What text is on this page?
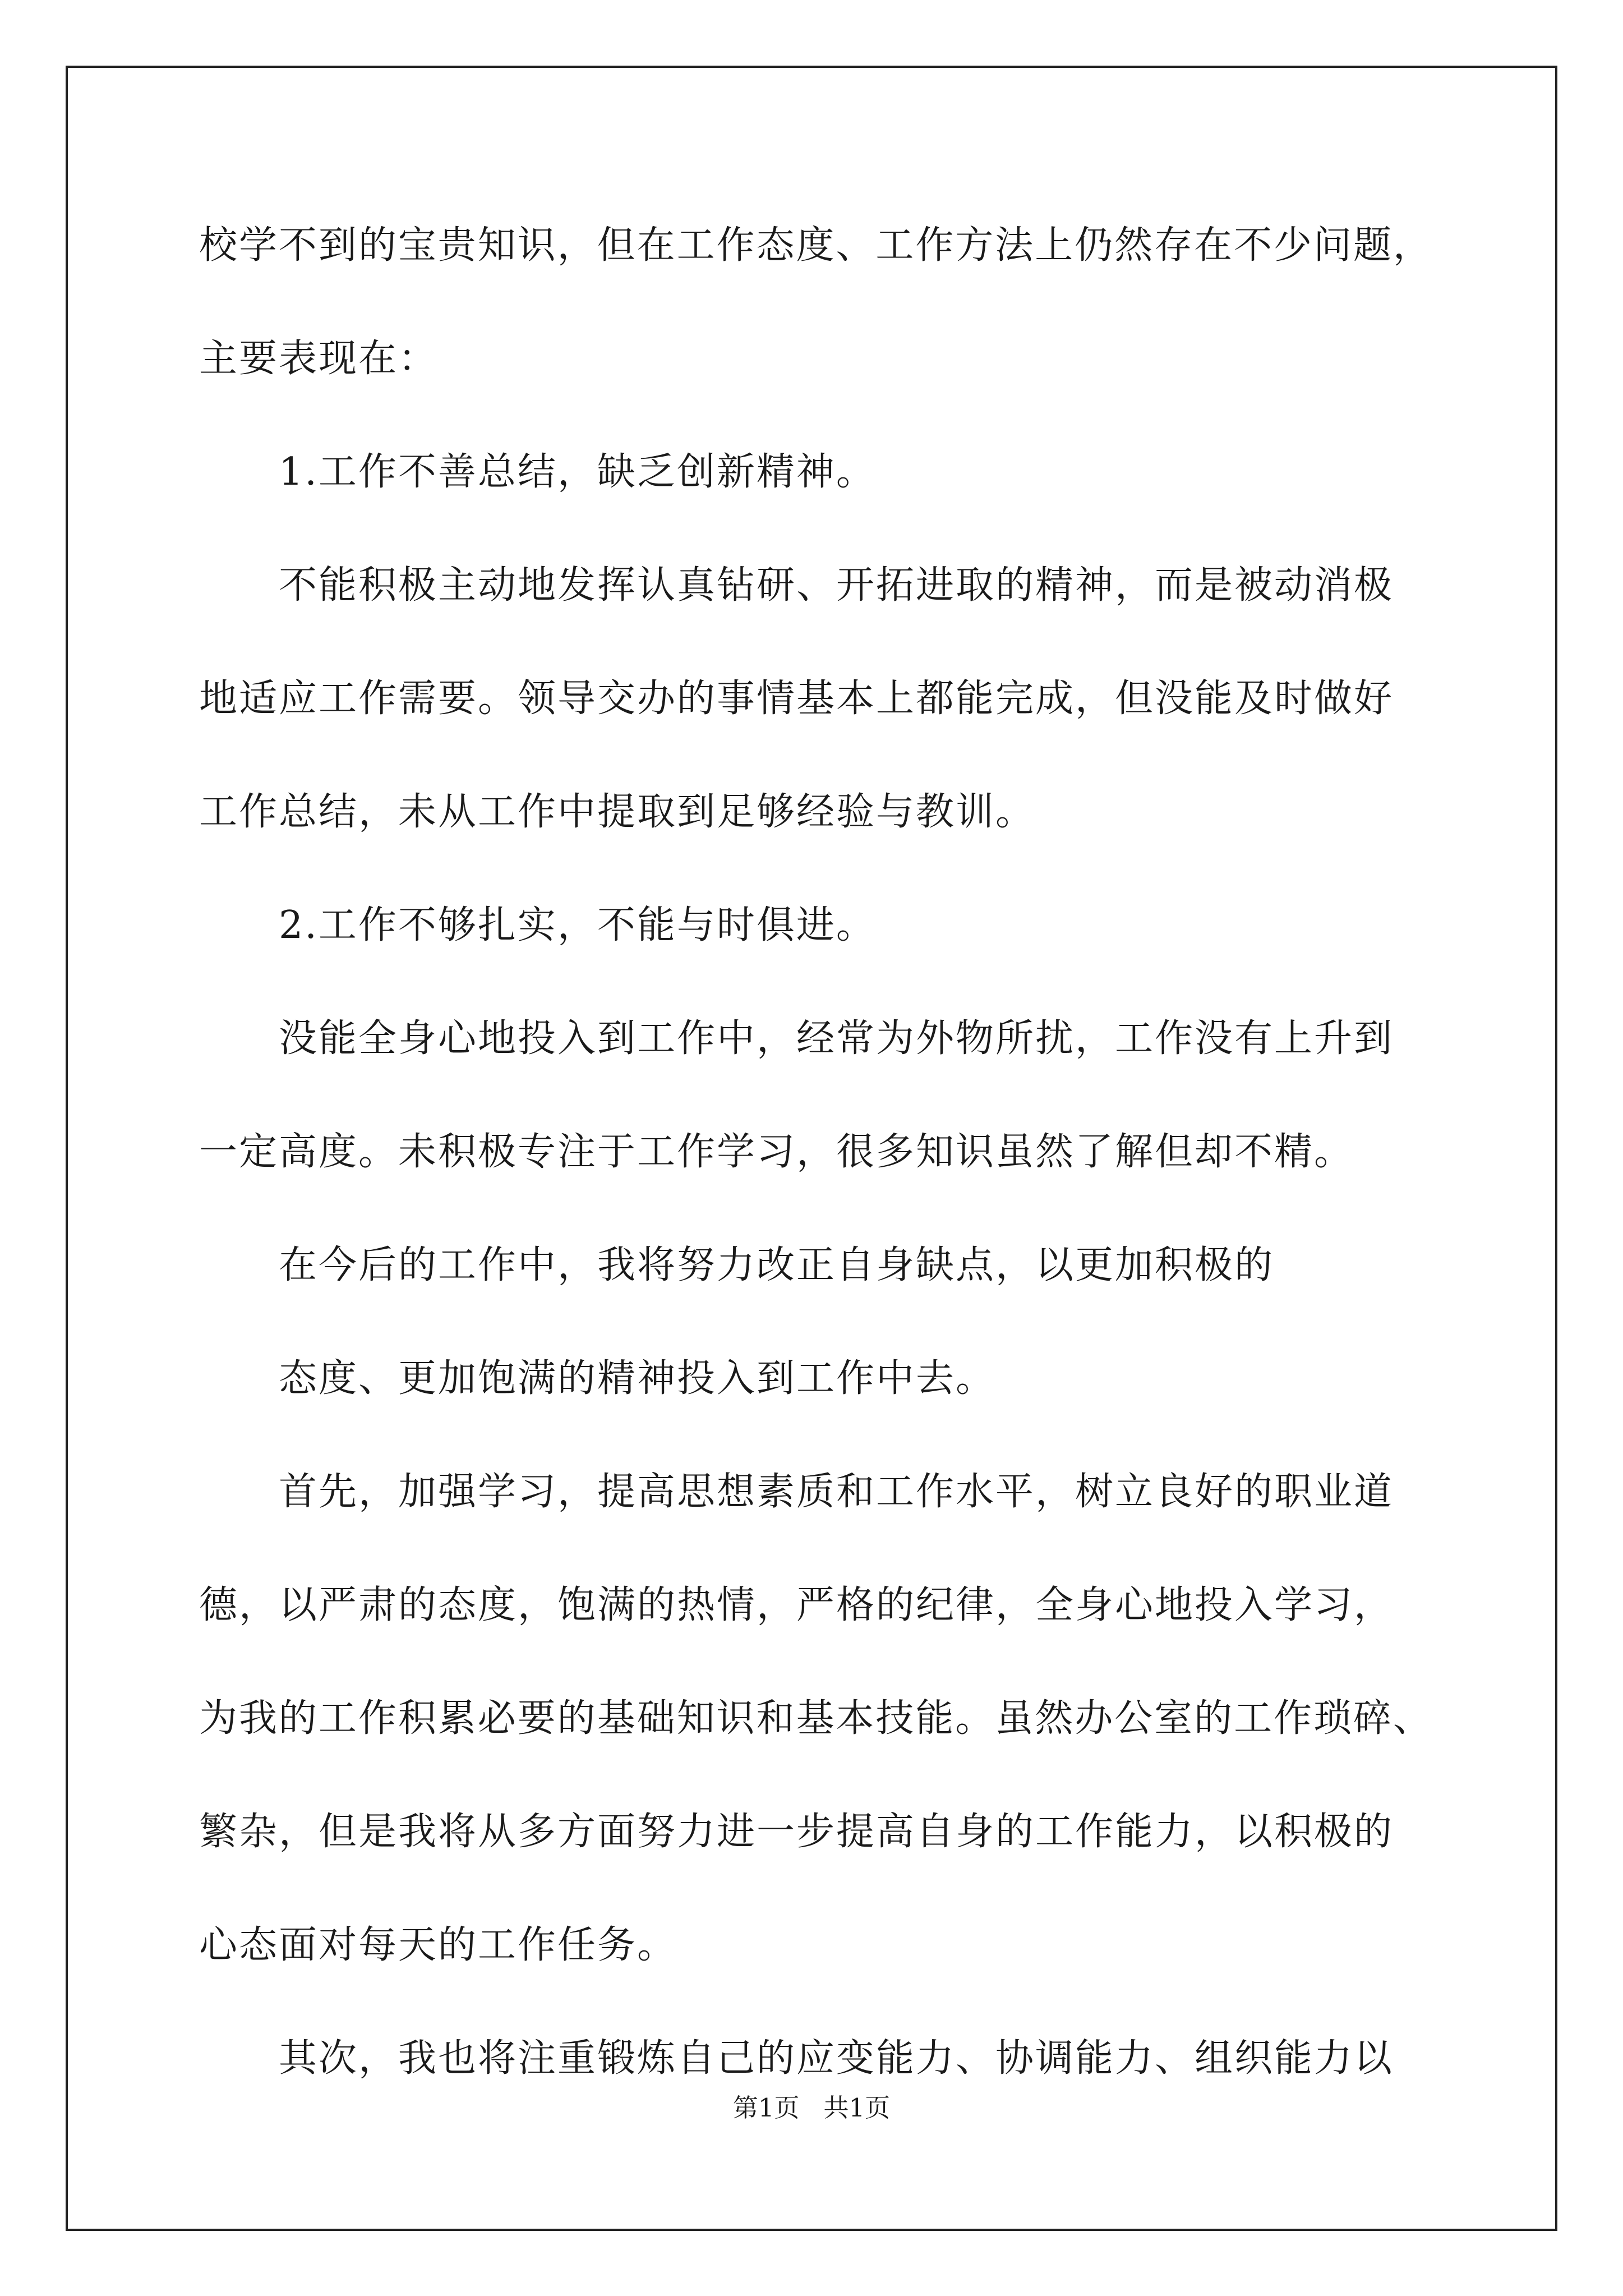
校学不到的宝贵知识，但在工作态度、工作方法上仍然存在不少问题，
主要表现在：
1.工作不善总结，缺乏创新精神。
不能积极主动地发挥认真钻研、开拓进取的精神，而是被动消极
地适应工作需要。领导交办的事情基本上都能完成，但没能及时做好
工作总结，未从工作中提取到足够经验与教训。
2.工作不够扎实，不能与时俱进。
没能全身心地投入到工作中，经常为外物所扰，工作没有上升到
一定高度。未积极专注于工作学习，很多知识虽然了解但却不精。
在今后的工作中，我将努力改正自身缺点，以更加积极的
态度、更加饱满的精神投入到工作中去。
首先，加强学习，提高思想素质和工作水平，树立良好的职业道
德，以严肃的态度，饱满的热情，严格的纪律，全身心地投入学习，
为我的工作积累必要的基础知识和基本技能。虽然办公室的工作琐碎、
繁杂，但是我将从多方面努力进一步提高自身的工作能力，以积极的
心态面对每天的工作任务。
其次，我也将注重锻炼自己的应变能力、协调能力、组织能力以
第1页   共1页
